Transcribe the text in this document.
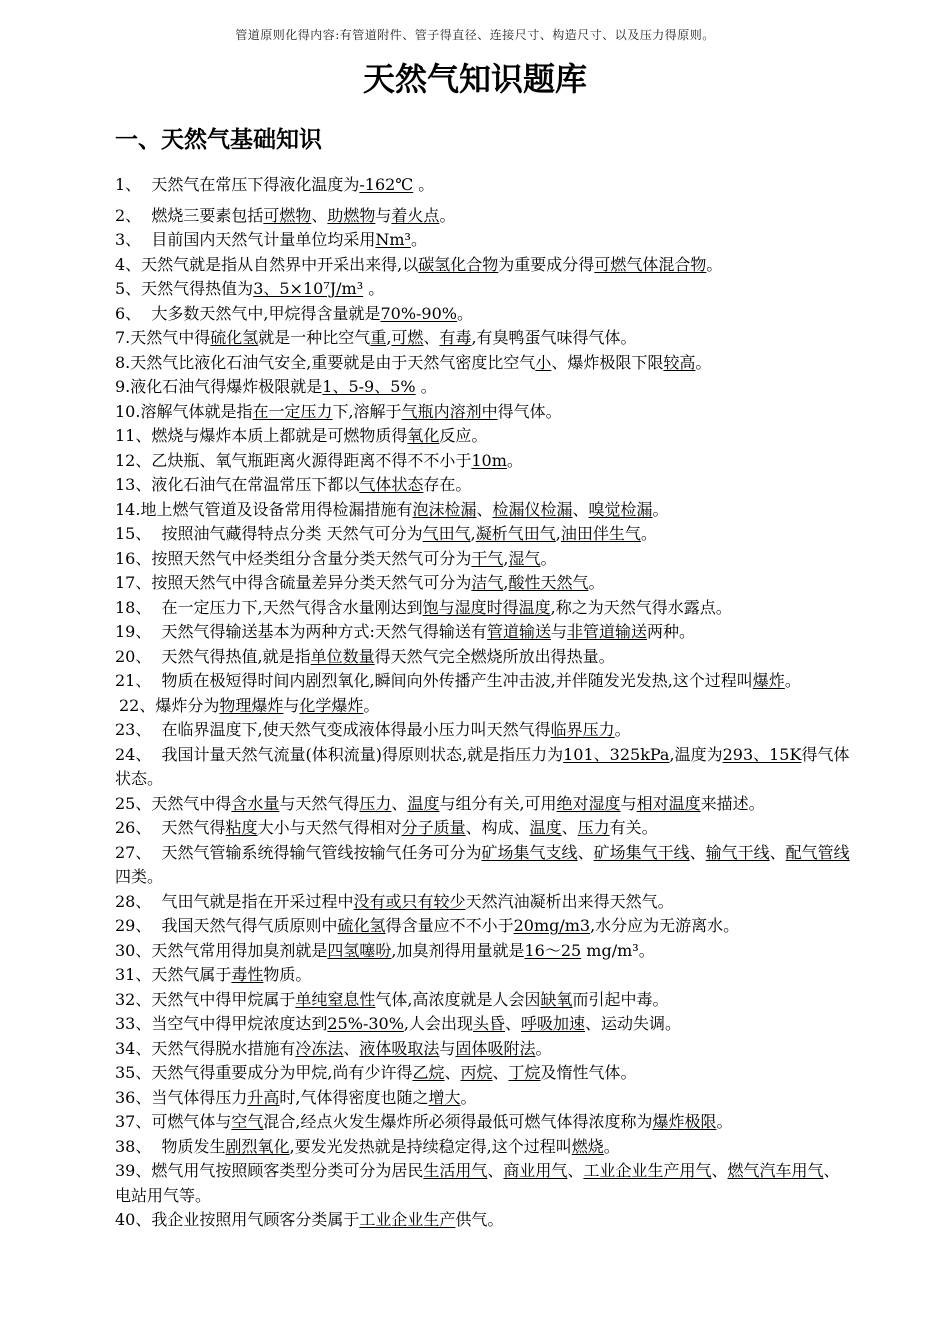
管道原则化得内容:有管道附件、管子得直径、连接尺寸、构造尺寸、以及压力得原则。
天然气知识题库
一、天然气基础知识
1、  天然气在常压下得液化温度为-162℃ 。
2、  燃烧三要素包括可燃物、助燃物与着火点。
3、  目前国内天然气计量单位均采用Nm³。
4、天然气就是指从自然界中开采出来得,以碳氢化合物为重要成分得可燃气体混合物。
5、天然气得热值为3、5×10⁷J/m³ 。
6、  大多数天然气中,甲烷得含量就是70%-90%。
7.天然气中得硫化氢就是一种比空气重,可燃、有毒,有臭鸭蛋气味得气体。
8.天然气比液化石油气安全,重要就是由于天然气密度比空气小、爆炸极限下限较高。
9.液化石油气得爆炸极限就是1、5-9、5% 。
10.溶解气体就是指在一定压力下,溶解于气瓶内溶剂中得气体。
11、燃烧与爆炸本质上都就是可燃物质得氧化反应。
12、乙炔瓶、氧气瓶距离火源得距离不得不不小于10m。
13、液化石油气在常温常压下都以气体状态存在。
14.地上燃气管道及设备常用得检漏措施有泡沫检漏、检漏仪检漏、嗅觉检漏。
15、  按照油气藏得特点分类 天然气可分为气田气,凝析气田气,油田伴生气。
16、按照天然气中烃类组分含量分类天然气可分为干气,湿气。
17、按照天然气中得含硫量差异分类天然气可分为洁气,酸性天然气。
18、  在一定压力下,天然气得含水量刚达到饱与湿度时得温度,称之为天然气得水露点。
19、  天然气得输送基本为两种方式:天然气得输送有管道输送与非管道输送两种。
20、  天然气得热值,就是指单位数量得天然气完全燃烧所放出得热量。
21、  物质在极短得时间内剧烈氧化,瞬间向外传播产生冲击波,并伴随发光发热,这个过程叫爆炸。
22、爆炸分为物理爆炸与化学爆炸。
23、  在临界温度下,使天然气变成液体得最小压力叫天然气得临界压力。
24、  我国计量天然气流量(体积流量)得原则状态,就是指压力为101、325kPa,温度为293、15K得气体状态。
25、天然气中得含水量与天然气得压力、温度与组分有关,可用绝对湿度与相对温度来描述。
26、  天然气得粘度大小与天然气得相对分子质量、构成、温度、压力有关。
27、  天然气管输系统得输气管线按输气任务可分为矿场集气支线、矿场集气干线、输气干线、配气管线四类。
28、  气田气就是指在开采过程中没有或只有较少天然汽油凝析出来得天然气。
29、  我国天然气得气质原则中硫化氢得含量应不不小于20mg/m3,水分应为无游离水。
30、天然气常用得加臭剂就是四氢噻吩,加臭剂得用量就是16～25 mg/m³。
31、天然气属于毒性物质。
32、天然气中得甲烷属于单纯窒息性气体,高浓度就是人会因缺氧而引起中毒。
33、当空气中得甲烷浓度达到25%-30%,人会出现头昏、呼吸加速、运动失调。
34、天然气得脱水措施有冷冻法、液体吸取法与固体吸附法。
35、天然气得重要成分为甲烷,尚有少许得乙烷、丙烷、丁烷及惰性气体。
36、当气体得压力升高时,气体得密度也随之增大。
37、可燃气体与空气混合,经点火发生爆炸所必须得最低可燃气体得浓度称为爆炸极限。
38、  物质发生剧烈氧化,要发光发热就是持续稳定得,这个过程叫燃烧。
39、燃气用气按照顾客类型分类可分为居民生活用气、商业用气、工业企业生产用气、燃气汽车用气、电站用气等。
40、我企业按照用气顾客分类属于工业企业生产供气。
